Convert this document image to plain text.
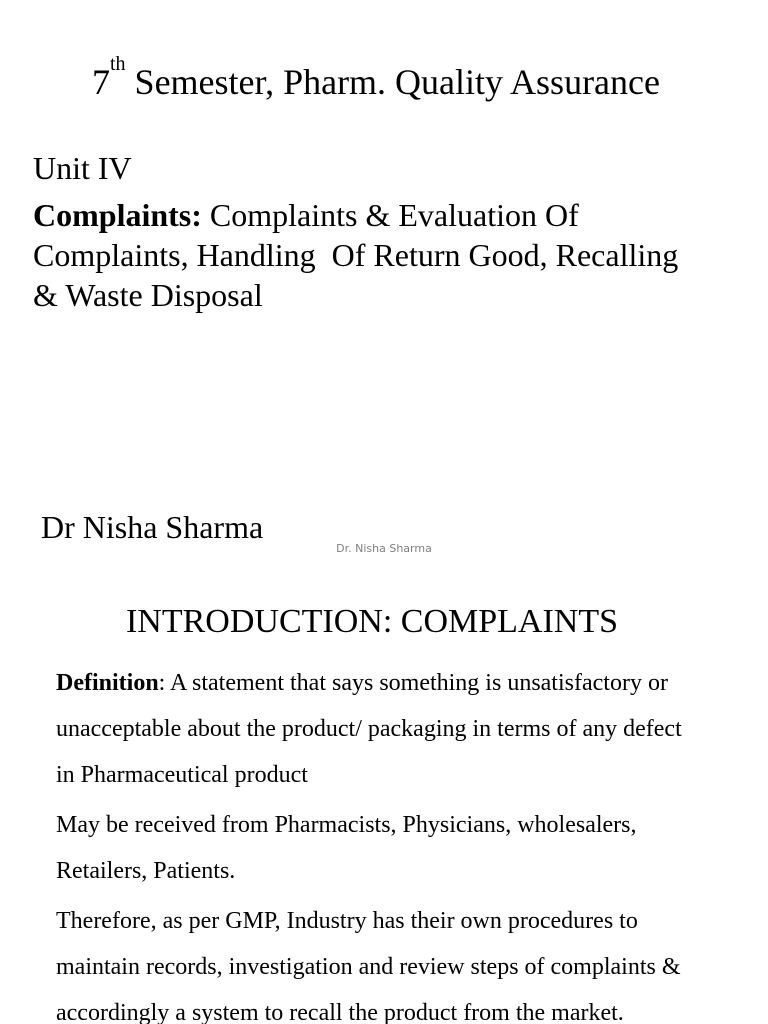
7th Semester, Pharm. Quality Assurance
Unit IV
Complaints: Complaints & Evaluation Of
Complaints, Handling  Of Return Good, Recalling
& Waste Disposal
Dr Nisha Sharma
Dr. Nisha Sharma
INTRODUCTION: COMPLAINTS

Definition: A statement that says something is unsatisfactory or
unacceptable about the product/ packaging in terms of any defect
in Pharmaceutical product

May be received from Pharmacists, Physicians, wholesalers,
Retailers, Patients.

Therefore, as per GMP, Industry has their own procedures to
maintain records, investigation and review steps of complaints &
accordingly a system to recall the product from the market.
